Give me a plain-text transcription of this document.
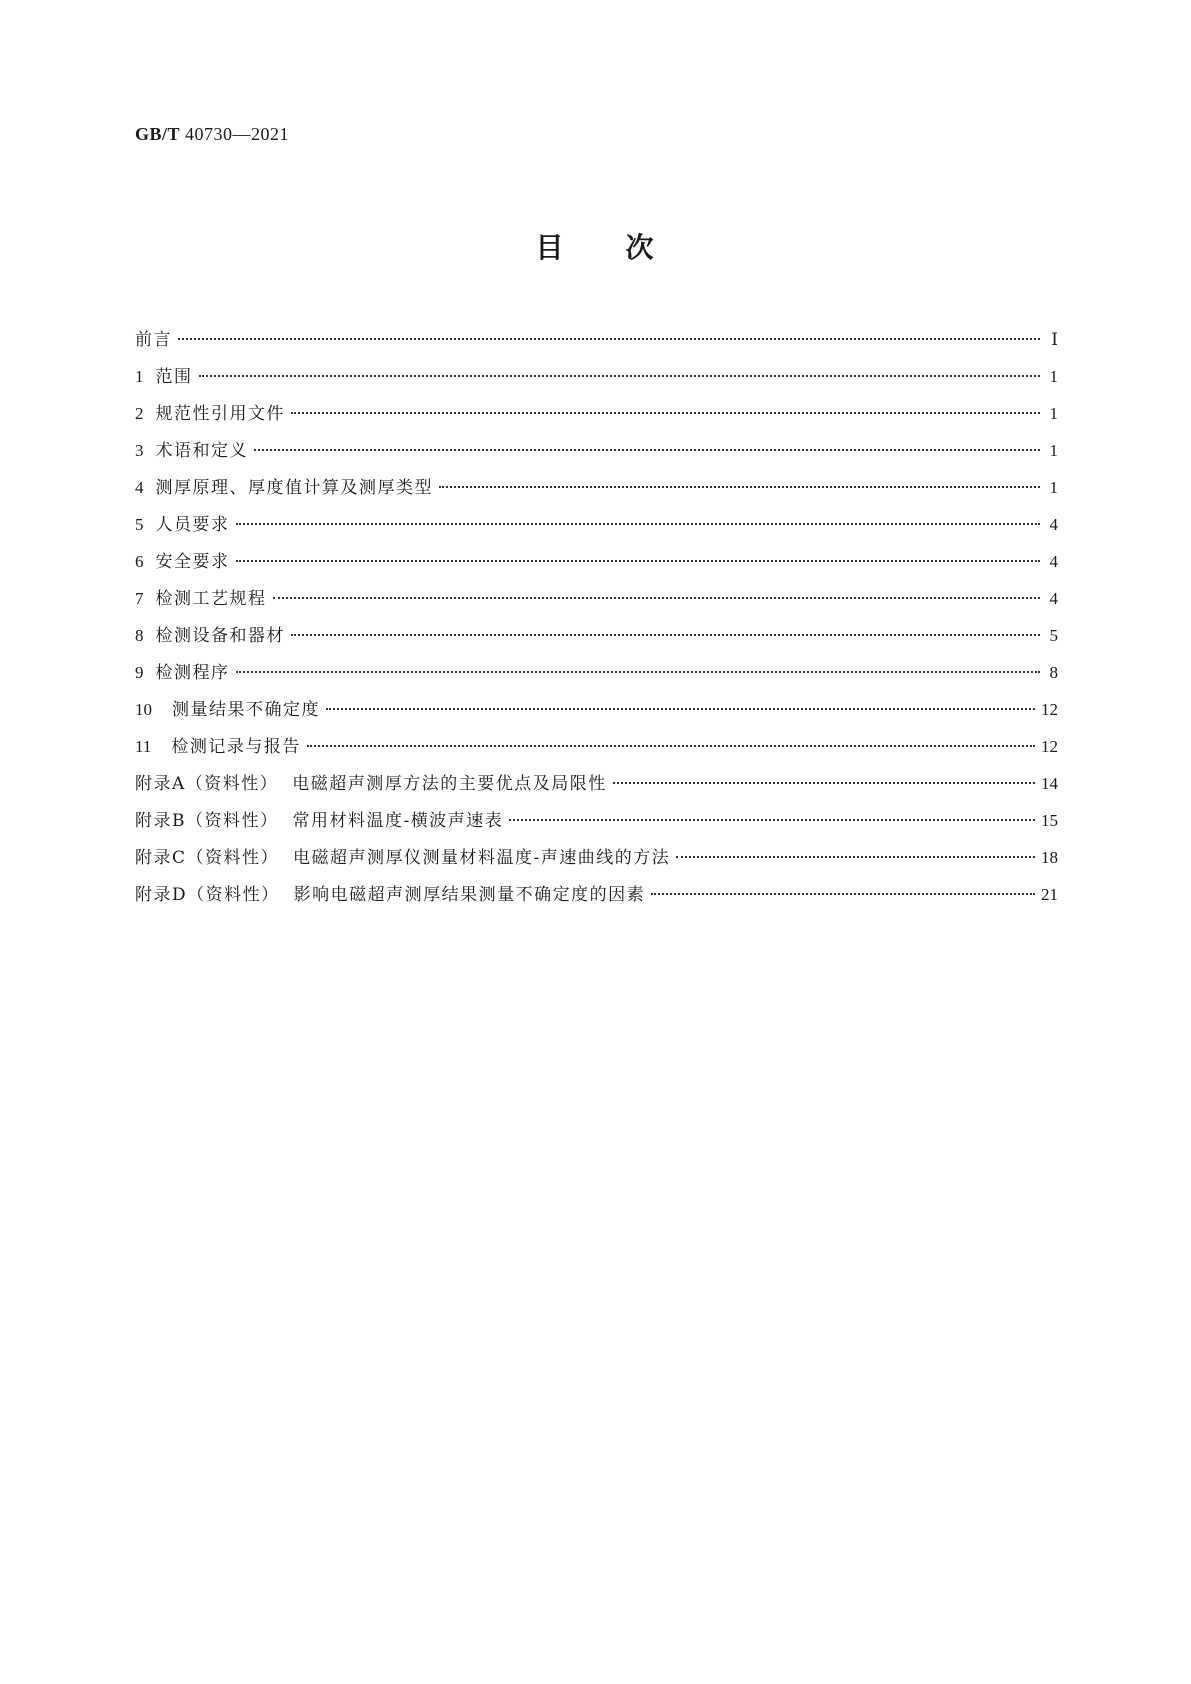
GB/T 40730—2021
目 次
前言	Ⅰ
1 范围	1
2 规范性引用文件	1
3 术语和定义	1
4 测厚原理、厚度值计算及测厚类型	1
5 人员要求	4
6 安全要求	4
7 检测工艺规程	4
8 检测设备和器材	5
9 检测程序	8
10 测量结果不确定度	12
11 检测记录与报告	12
附录A（资料性） 电磁超声测厚方法的主要优点及局限性	14
附录B（资料性） 常用材料温度-横波声速表	15
附录C（资料性） 电磁超声测厚仪测量材料温度-声速曲线的方法	18
附录D（资料性） 影响电磁超声测厚结果测量不确定度的因素	21
